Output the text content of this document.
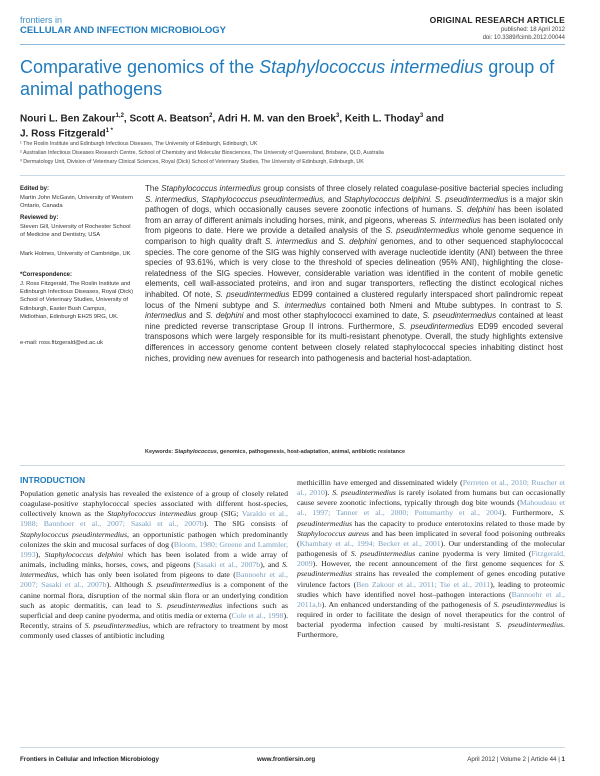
frontiers in
CELLULAR AND INFECTION MICROBIOLOGY
ORIGINAL RESEARCH ARTICLE
published: 18 April 2012
doi: 10.3389/fcimb.2012.00044
Comparative genomics of the Staphylococcus intermedius group of animal pathogens
Nouri L. Ben Zakour$^{1,2}$, Scott A. Beatson$^2$, Adri H. M. van den Broek$^3$, Keith L. Thoday$^3$ and
J. Ross Fitzgerald$^{1 *}$
¹ The Roslin Institute and Edinburgh Infectious Diseases, The University of Edinburgh, Edinburgh, UK
² Australian Infectious Diseases Research Centre, School of Chemistry and Molecular Biosciences, The University of Queensland, Brisbane, QLD, Australia
³ Dermatology Unit, Division of Veterinary Clinical Sciences, Royal (Dick) School of Veterinary Studies, The University of Edinburgh, Edinburgh, UK
Edited by:
Martin John McGavin, University of Western Ontario, Canada
Reviewed by:
Steven Gill, University of Rochester School of Medicine and Dentistry, USA
Mark Holmes, University of Cambridge, UK
*Correspondence:
J. Ross Fitzgerald, The Roslin Institute and Edinburgh Infectious Diseases, Royal (Dick) School of Veterinary Studies, University of Edinburgh, Easter Bush Campus, Midlothian, Edinburgh EH25 9RG, UK.
e-mail: ross.fitzgerald@ed.ac.uk
The Staphylococcus intermedius group consists of three closely related coagulase-positive bacterial species including S. intermedius, Staphylococcus pseudintermedius, and Staphylococcus delphini. S. pseudintermedius is a major skin pathogen of dogs, which occasionally causes severe zoonotic infections of humans. S. delphini has been isolated from an array of different animals including horses, mink, and pigeons, whereas S. intermedius has been isolated only from pigeons to date. Here we provide a detailed analysis of the S. pseudintermedius whole genome sequence in comparison to high quality draft S. intermedius and S. delphini genomes, and to other sequenced staphylococcal species. The core genome of the SIG was highly conserved with average nucleotide identity (ANI) between the three species of 93.61%, which is very close to the threshold of species delineation (95% ANI), highlighting the close-relatedness of the SIG species. However, considerable variation was identified in the content of mobile genetic elements, cell wall-associated proteins, and iron and sugar transporters, reflecting the distinct ecological niches inhabited. Of note, S. pseudintermedius ED99 contained a clustered regularly interspaced short palindromic repeat locus of the Nmeni subtype and S. intermedius contained both Nmeni and Mtube subtypes. In contrast to S. intermedius and S. delphini and most other staphylococci examined to date, S. pseudintermedius contained at least nine predicted reverse transcriptase Group II introns. Furthermore, S. pseudintermedius ED99 encoded several transposons which were largely responsible for its multi-resistant phenotype. Overall, the study highlights extensive differences in accessory genome content between closely related staphylococcal species inhabiting distinct host niches, providing new avenues for research into pathogenesis and bacterial host-adaptation.
Keywords: Staphylococcus, genomics, pathogenesis, host-adaptation, animal, antibiotic resistance
INTRODUCTION
Population genetic analysis has revealed the existence of a group of closely related coagulase-positive staphylococcal species associated with different host-species, collectively known as the Staphylococcus intermedius group (SIG; Varaldo et al., 1988; Bannhoer et al., 2007; Sasaki et al., 2007b). The SIG consists of Staphylococcus pseudintermedius, an opportunistic pathogen which predominantly colonizes the skin and mucosal surfaces of dog (Bloom, 1980; Greene and Lammler, 1993), Staphylococcus delphini which has been isolated from a wide array of animals, including minks, horses, cows, and pigeons (Sasaki et al., 2007b), and S. intermedius, which has only been isolated from pigeons to date (Bannoehr et al., 2007; Sasaki et al., 2007b). Although S. pseudintermedius is a component of the canine normal flora, disruption of the normal skin flora or an underlying condition such as atopic dermatitis, can lead to S. pseudintermedius infections such as superficial and deep canine pyoderma, and otitis media or externa (Cole et al., 1998). Recently, strains of S. pseudintermedius, which are refractory to treatment by most commonly used classes of antibiotic including
methicillin have emerged and disseminated widely (Perreten et al., 2010; Ruscher et al., 2010). S. pseudintermedius is rarely isolated from humans but can occasionally cause severe zoonotic infections, typically through dog bite wounds (Mahoudeau et al., 1997; Tanner et al., 2000; Pottumarthy et al., 2004). Furthermore, S. pseudintermedius has the capacity to produce enterotoxins related to those made by Staphylococcus aureus and has been implicated in several food poisoning outbreaks (Khambaty et al., 1994; Becker et al., 2001). Our understanding of the molecular pathogenesis of S. pseudintermedius canine pyoderma is very limited (Fitzgerald, 2009). However, the recent announcement of the first genome sequences for S. pseudintermedius strains has revealed the complement of genes encoding putative virulence factors (Ben Zakour et al., 2011; Tse et al., 2011), leading to proteomic studies which have identified novel host–pathogen interactions (Bannoehr et al., 2011a,b). An enhanced understanding of the pathogenesis of S. pseudintermedius is required in order to facilitate the design of novel therapeutics for the control of bacterial pyoderma infection caused by multi-resistant S. pseudintermedius. Furthermore,
Frontiers in Cellular and Infection Microbiology	www.frontiersin.org	April 2012 | Volume 2 | Article 44 | 1
